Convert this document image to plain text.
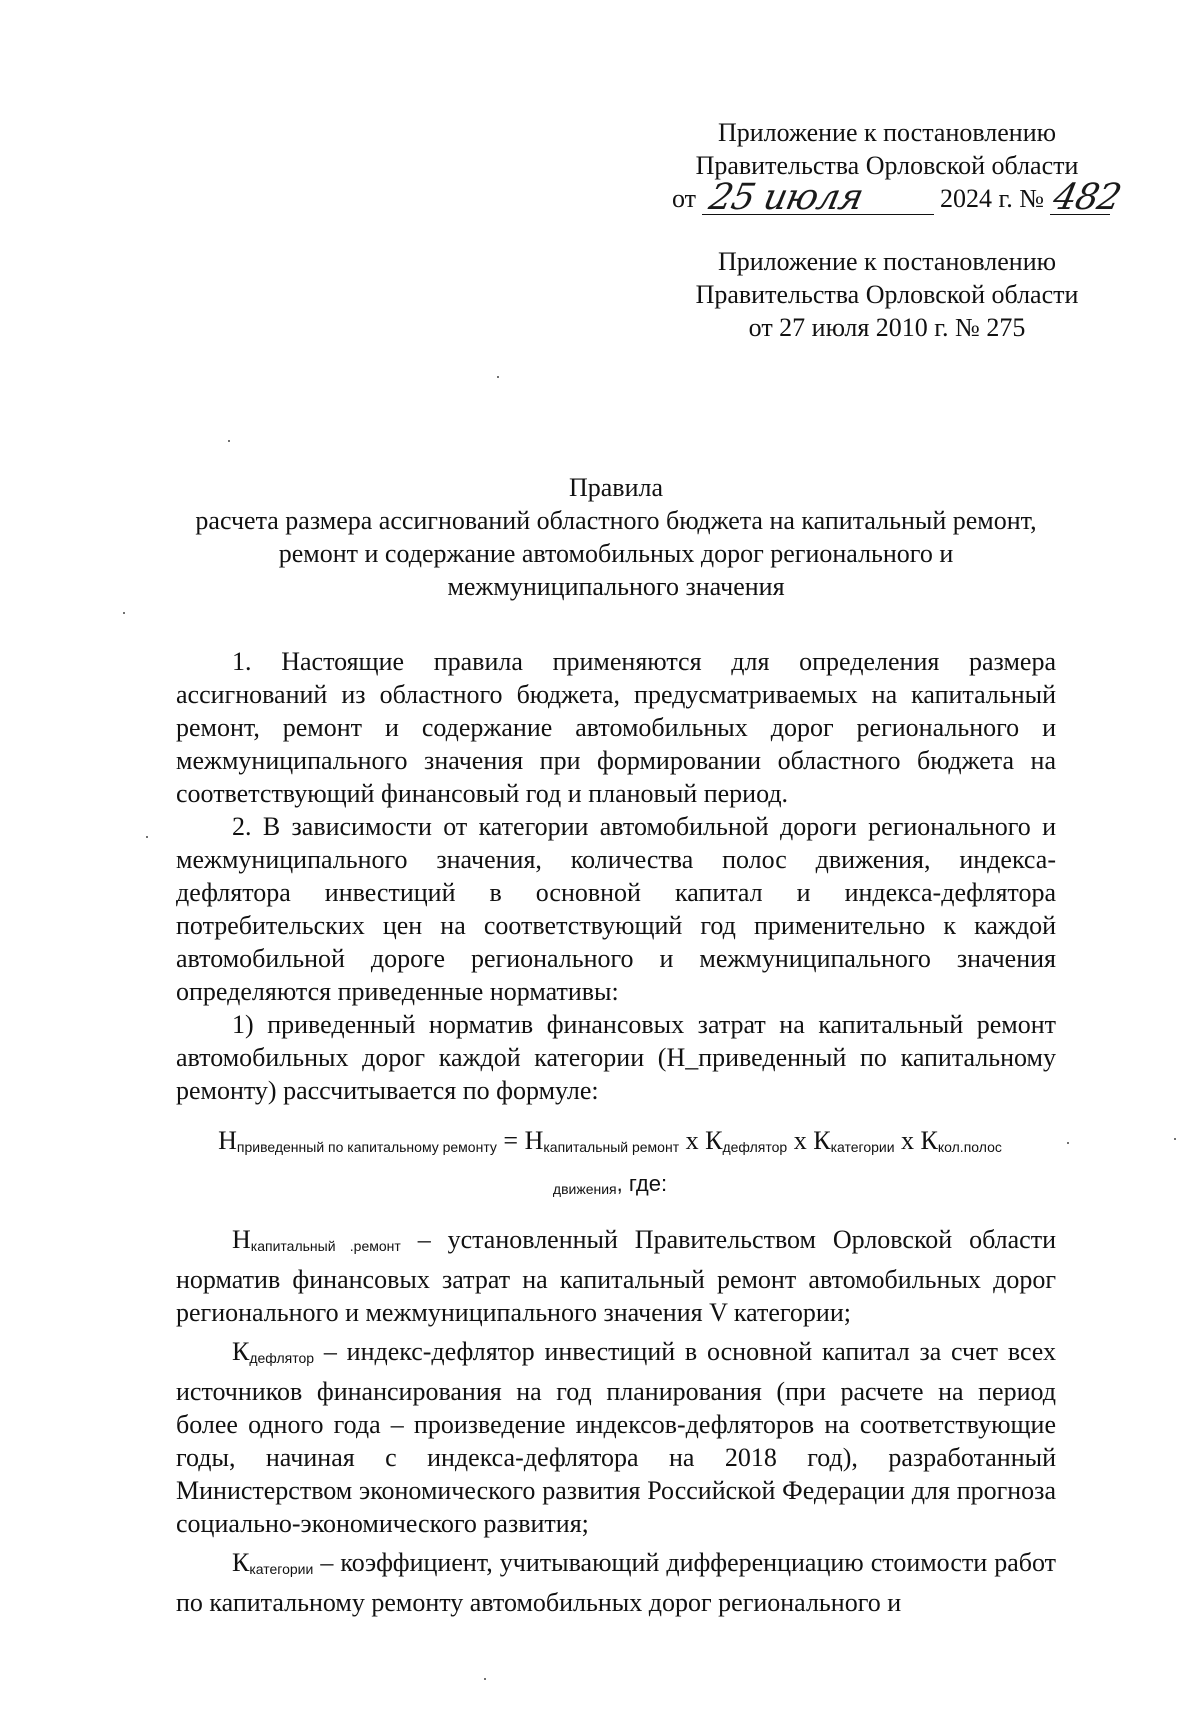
Приложение к постановлению
Правительства Орловской области
от 25 июля	2024 г. № 482
Приложение к постановлению
Правительства Орловской области
от 27 июля 2010 г. № 275
Правила
расчета размера ассигнований областного бюджета на капитальный ремонт, ремонт и содержание автомобильных дорог регионального и межмуниципального значения

1. Настоящие правила применяются для определения размера ассигнований из областного бюджета, предусматриваемых на капитальный ремонт, ремонт и содержание автомобильных дорог регионального и межмуниципального значения при формировании областного бюджета на соответствующий финансовый год и плановый период.

2. В зависимости от категории автомобильной дороги регионального и межмуниципального значения, количества полос движения, индекса-дефлятора инвестиций в основной капитал и индекса-дефлятора потребительских цен на соответствующий год применительно к каждой автомобильной дороге регионального и межмуниципального значения определяются приведенные нормативы:

1) приведенный норматив финансовых затрат на капитальный ремонт автомобильных дорог каждой категории (Н_приведенный по капитальному ремонту) рассчитывается по формуле:

$Н_{приведенный по капитальному ремонту} = Н_{капитальный ремонт}$ x $К_{дефлятор}$ x $К_{категории}$ x $К_{кол.полос}$
$_{движения}$, где:

$Н_{капитальный .ремонт}$ – установленный Правительством Орловской области норматив финансовых затрат на капитальный ремонт автомобильных дорог регионального и межмуниципального значения V категории;

$К_{дефлятор}$ – индекс-дефлятор инвестиций в основной капитал за счет всех источников финансирования на год планирования (при расчете на период более одного года – произведение индексов-дефляторов на соответствующие годы, начиная с индекса-дефлятора на 2018 год), разработанный Министерством экономического развития Российской Федерации для прогноза социально-экономического развития;

$К_{категории}$ – коэффициент, учитывающий дифференциацию стоимости работ по капитальному ремонту автомобильных дорог регионального и
